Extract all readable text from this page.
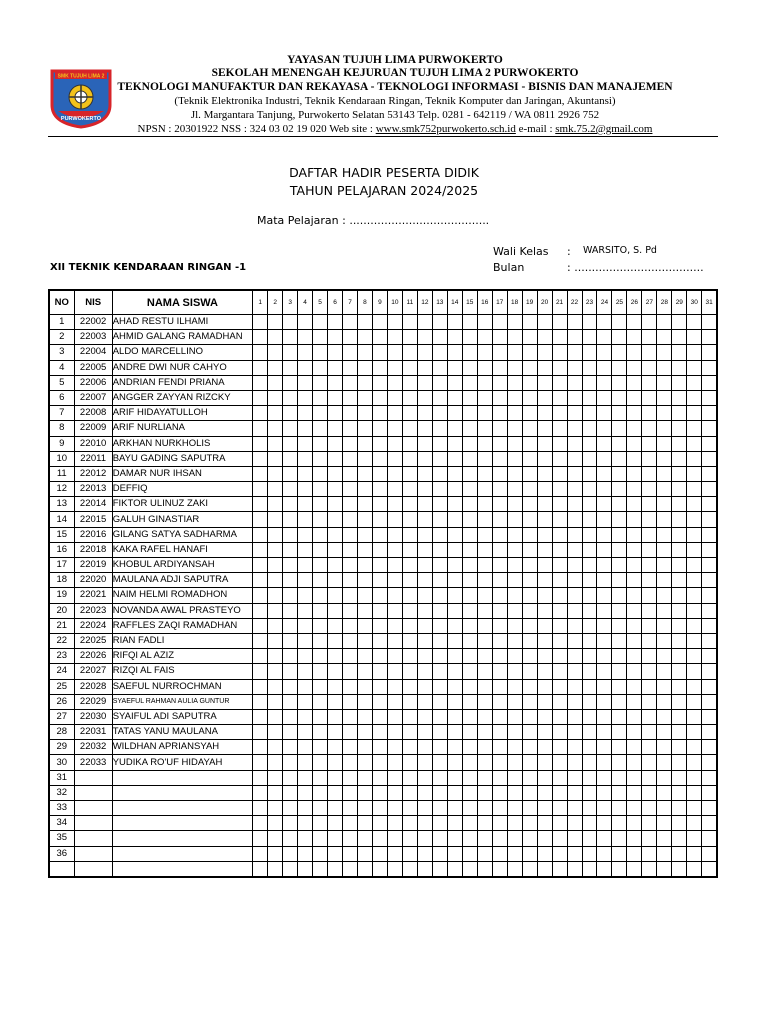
SMK TUJUH LIMA 2
PURWOKERTO
YAYASAN TUJUH LIMA PURWOKERTO
SEKOLAH MENENGAH KEJURUAN TUJUH LIMA 2 PURWOKERTO
TEKNOLOGI MANUFAKTUR DAN REKAYASA - TEKNOLOGI INFORMASI - BISNIS DAN MANAJEMEN
(Teknik Elektronika Industri, Teknik Kendaraan Ringan, Teknik Komputer dan Jaringan, Akuntansi)
Jl. Margantara Tanjung, Purwokerto Selatan 53143 Telp. 0281 - 642119 / WA 0811 2926 752
NPSN : 20301922 NSS : 324 03 02 19 020 Web site : www.smk752purwokerto.sch.id e-mail : smk.75.2@gmail.com
DAFTAR HADIR PESERTA DIDIK
TAHUN PELAJARAN 2024/2025
Mata Pelajaran : ........................................
Wali Kelas : WARSITO, S. Pd
Bulan	: .....................................
XII TEKNIK KENDARAAN RINGAN -1
NO	NIS	NAMA SISWA	1	2	3	4	5	6	7	8	9	10	11	12	13	14	15	16	17	18	19	20	21	22	23	24	25	26	27	28	29	30	31
1	22002	AHAD RESTU ILHAMI																															
2	22003	AHMID GALANG RAMADHAN																															
3	22004	ALDO MARCELLINO																															
4	22005	ANDRE DWI NUR CAHYO																															
5	22006	ANDRIAN FENDI PRIANA																															
6	22007	ANGGER ZAYYAN RIZCKY																															
7	22008	ARIF HIDAYATULLOH																															
8	22009	ARIF NURLIANA																															
9	22010	ARKHAN NURKHOLIS																															
10	22011	BAYU GADING SAPUTRA																															
11	22012	DAMAR NUR IHSAN																															
12	22013	DEFFIQ																															
13	22014	FIKTOR ULINUZ ZAKI																															
14	22015	GALUH GINASTIAR																															
15	22016	GILANG SATYA SADHARMA																															
16	22018	KAKA RAFEL HANAFI																															
17	22019	KHOBUL ARDIYANSAH																															
18	22020	MAULANA ADJI SAPUTRA																															
19	22021	NAIM HELMI ROMADHON																															
20	22023	NOVANDA AWAL PRASTEYO																															
21	22024	RAFFLES ZAQI RAMADHAN																															
22	22025	RIAN FADLI																															
23	22026	RIFQI AL AZIZ																															
24	22027	RIZQI AL FAIS																															
25	22028	SAEFUL NURROCHMAN																															
26	22029	SYAEFUL RAHMAN AULIA GUNTUR																															
27	22030	SYAIFUL ADI SAPUTRA																															
28	22031	TATAS YANU MAULANA																															
29	22032	WILDHAN APRIANSYAH																															
30	22033	YUDIKA RO'UF HIDAYAH																															
31																																	
32																																	
33																																	
34																																	
35																																	
36																																	
